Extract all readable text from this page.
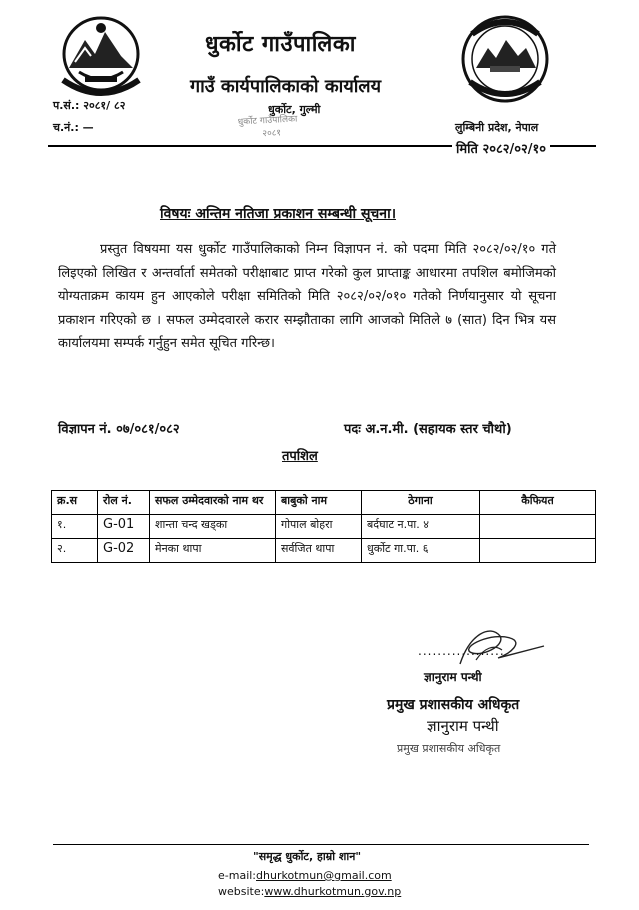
धुर्कोट गाउँपालिका
गाउँ कार्यपालिकाको कार्यालय
धुर्कोट, गुल्मी
धुर्कोट गाउँपालिका
२०८१
प.सं.: २०८१/ ८२
च.नं.: —	लुम्बिनी प्रदेश, नेपाल
मिति २०८२/०२/१०
विषयः अन्तिम नतिजा प्रकाशन सम्बन्धी सूचना।

प्रस्तुत विषयमा यस धुर्कोट गाउँपालिकाको निम्न विज्ञापन नं. को पदमा मिति २०८२/०२/१० गते लिइएको लिखित र अन्तर्वार्ता समेतको परीक्षाबाट प्राप्त गरेको कुल प्राप्ताङ्क आधारमा तपशिल बमोजिमको योग्यताक्रम कायम हुन आएकोले परीक्षा समितिको मिति २०८२/०२/०१० गतेको निर्णयानुसार यो सूचना प्रकाशन गरिएको छ । सफल उम्मेदवारले करार सम्झौताका लागि आजको मितिले ७ (सात) दिन भित्र यस कार्यालयमा सम्पर्क गर्नुहुन समेत सूचित गरिन्छ।

विज्ञापन नं. ०७/०८१/०८२	पदः अ.न.मी. (सहायक स्तर चौथो)
तपशिल
क्र.स	रोल नं.	सफल उम्मेदवारको नाम थर	बाबुको नाम	ठेगाना	कैफियत
१.	G-01	शान्ता चन्द खड्का	गोपाल बोहरा	बर्दघाट न.पा. ४	
२.	G-02	मेनका थापा	सर्वजित थापा	धुर्कोट गा.पा. ६	
..................
ज्ञानुराम पन्थी
प्रमुख प्रशासकीय अधिकृत
ज्ञानुराम पन्थी
प्रमुख प्रशासकीय अधिकृत
"समृद्ध धुर्कोट, हाम्रो शान"
e-mail:dhurkotmun@gmail.com
website:www.dhurkotmun.gov.np
